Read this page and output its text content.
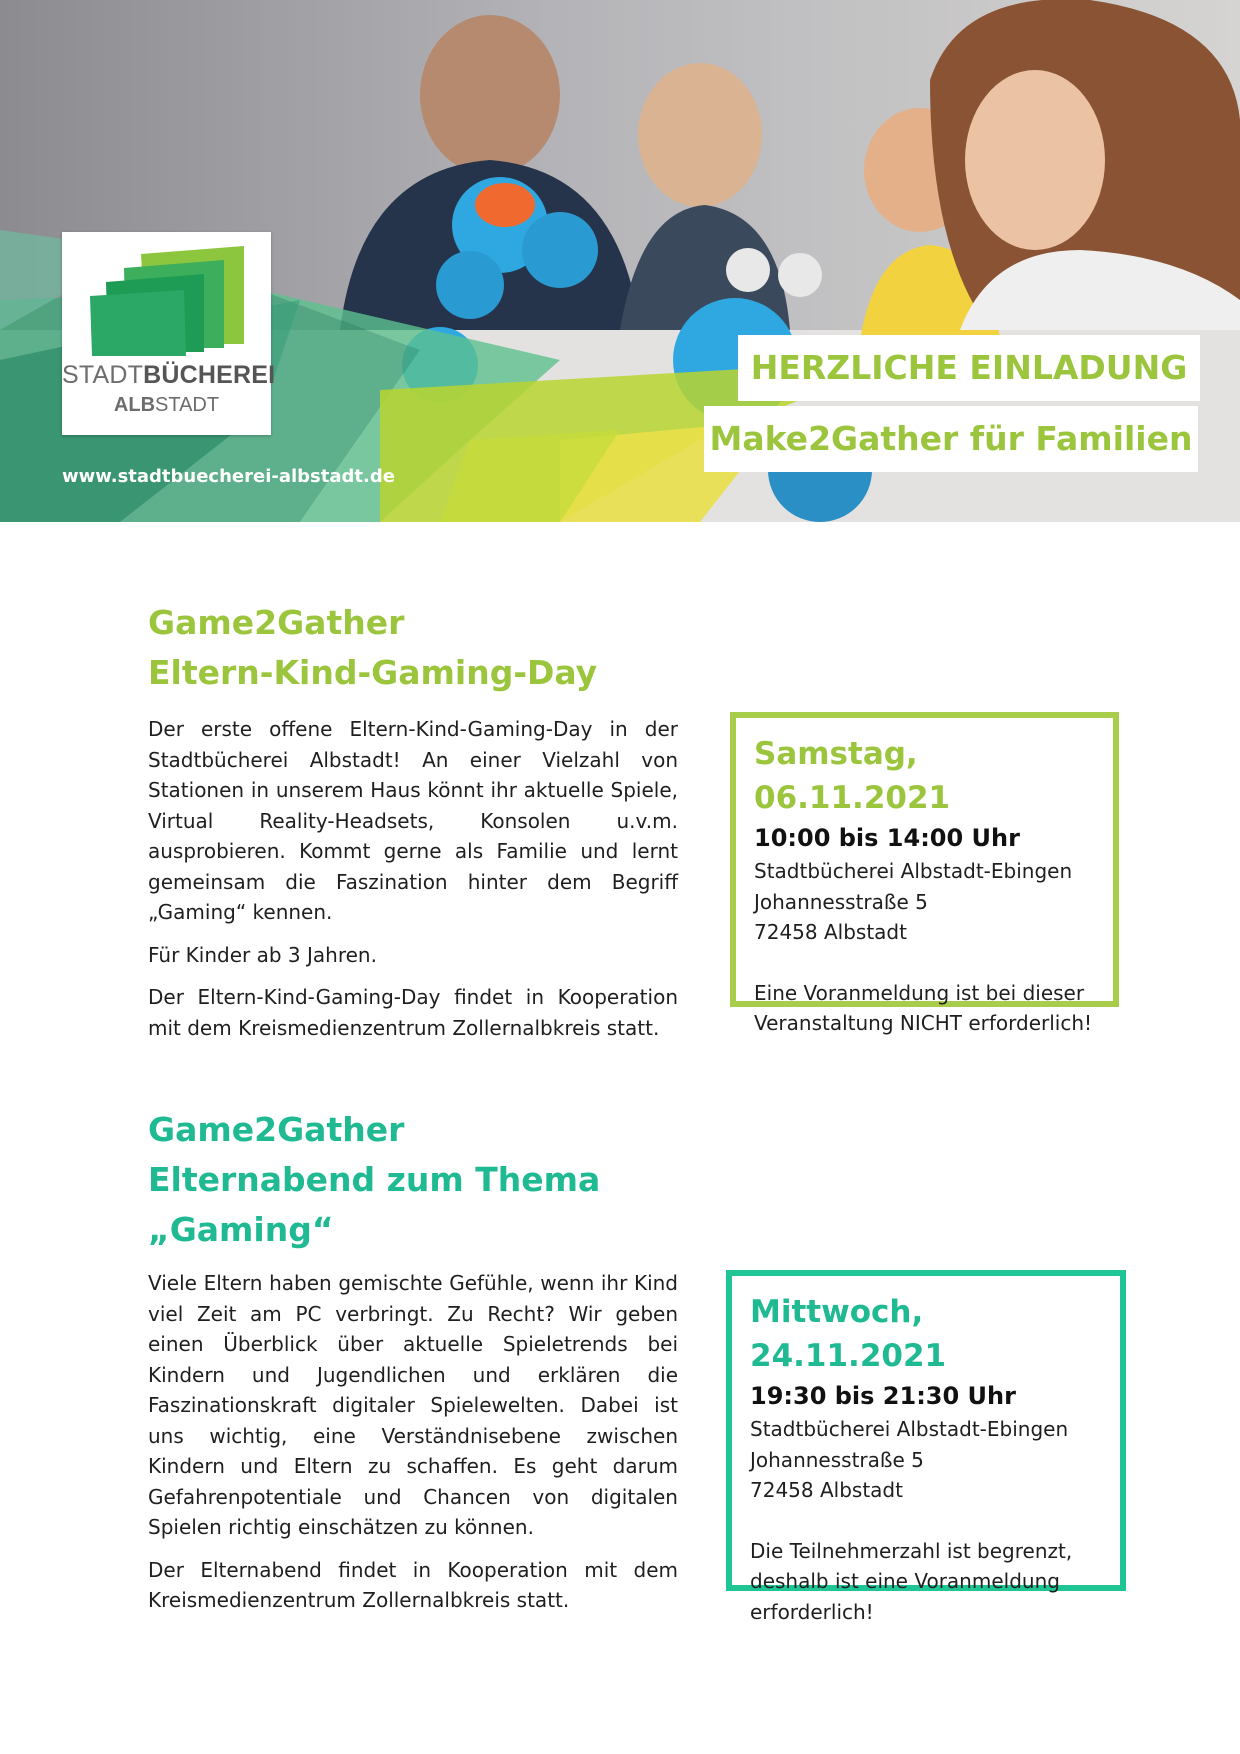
STADTBÜCHEREI
ALBSTADT
www.stadtbuecherei-albstadt.de
HERZLICHE EINLADUNG
Make2Gather für Familien

Game2Gather

Eltern-Kind-Gaming-Day

Der erste offene Eltern-Kind-Gaming-Day in der Stadtbücherei Albstadt! An einer Vielzahl von Stationen in unserem Haus könnt ihr aktuelle Spiele, Virtual Reality-Headsets, Konsolen u.v.m. ausprobieren. Kommt gerne als Familie und lernt gemeinsam die Faszination hinter dem Begriff „Gaming“ kennen.

Für Kinder ab 3 Jahren.

Der Eltern-Kind-Gaming-Day findet in Kooperation mit dem Kreismedienzentrum Zollernalbkreis statt.

Samstag, 06.11.2021
10:00 bis 14:00 Uhr
Stadtbücherei Albstadt-Ebingen
Johannesstraße 5
72458 Albstadt
Eine Voranmeldung ist bei dieser
Veranstaltung NICHT erforderlich!

Game2Gather

Elternabend zum Thema

„Gaming“

Viele Eltern haben gemischte Gefühle, wenn ihr Kind viel Zeit am PC verbringt. Zu Recht? Wir geben einen Überblick über aktuelle Spieletrends bei Kindern und Jugendlichen und erklären die Faszinationskraft digitaler Spielewelten. Dabei ist uns wichtig, eine Verständnisebene zwischen Kindern und Eltern zu schaffen. Es geht darum Gefahrenpotentiale und Chancen von digitalen Spielen richtig einschätzen zu können.

Der Elternabend findet in Kooperation mit dem Kreismedienzentrum Zollernalbkreis statt.

Mittwoch, 24.11.2021
19:30 bis 21:30 Uhr
Stadtbücherei Albstadt-Ebingen
Johannesstraße 5
72458 Albstadt
Die Teilnehmerzahl ist begrenzt,
deshalb ist eine Voranmeldung
erforderlich!
